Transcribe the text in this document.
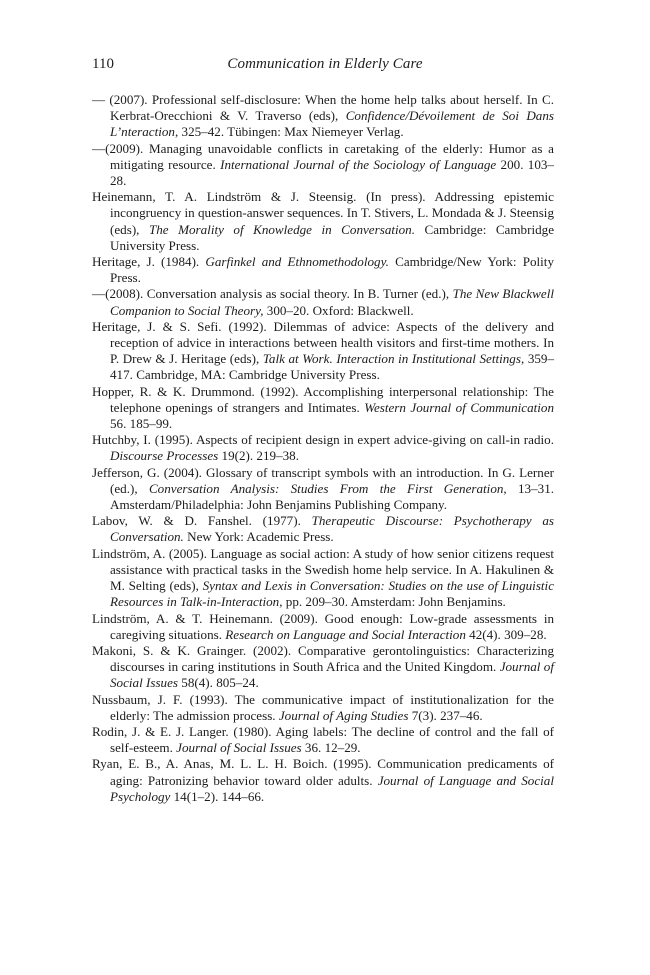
110	Communication in Elderly Care

— (2007). Professional self-disclosure: When the home help talks about herself. In C. Kerbrat-Orecchioni & V. Traverso (eds), Confidence/Dévoilement de Soi Dans L’nteraction, 325–42. Tübingen: Max Niemeyer Verlag.

—(2009). Managing unavoidable conflicts in caretaking of the elderly: Humor as a mitigating resource. International Journal of the Sociology of Language 200. 103–28.

Heinemann, T. A. Lindström & J. Steensig. (In press). Addressing epistemic incongruency in question-answer sequences. In T. Stivers, L. Mondada & J. Steensig (eds), The Morality of Knowledge in Conversation. Cambridge: Cambridge University Press.

Heritage, J. (1984). Garfinkel and Ethnomethodology. Cambridge/New York: Polity Press.

—(2008). Conversation analysis as social theory. In B. Turner (ed.), The New Blackwell Companion to Social Theory, 300–20. Oxford: Blackwell.

Heritage, J. & S. Sefi. (1992). Dilemmas of advice: Aspects of the delivery and reception of advice in interactions between health visitors and first-time mothers. In P. Drew & J. Heritage (eds), Talk at Work. Interaction in Institutional Settings, 359–417. Cambridge, MA: Cambridge University Press.

Hopper, R. & K. Drummond. (1992). Accomplishing interpersonal relationship: The telephone openings of strangers and Intimates. Western Journal of Communication 56. 185–99.

Hutchby, I. (1995). Aspects of recipient design in expert advice-giving on call-in radio. Discourse Processes 19(2). 219–38.

Jefferson, G. (2004). Glossary of transcript symbols with an introduction. In G. Lerner (ed.), Conversation Analysis: Studies From the First Generation, 13–31. Amsterdam/Philadelphia: John Benjamins Publishing Company.

Labov, W. & D. Fanshel. (1977). Therapeutic Discourse: Psychotherapy as Conversation. New York: Academic Press.

Lindström, A. (2005). Language as social action: A study of how senior citizens request assistance with practical tasks in the Swedish home help service. In A. Hakulinen & M. Selting (eds), Syntax and Lexis in Conversation: Studies on the use of Linguistic Resources in Talk-in-Interaction, pp. 209–30. Amsterdam: John Benjamins.

Lindström, A. & T. Heinemann. (2009). Good enough: Low-grade assessments in caregiving situations. Research on Language and Social Interaction 42(4). 309–28.

Makoni, S. & K. Grainger. (2002). Comparative gerontolinguistics: Characterizing discourses in caring institutions in South Africa and the United Kingdom. Journal of Social Issues 58(4). 805–24.

Nussbaum, J. F. (1993). The communicative impact of institutionalization for the elderly: The admission process. Journal of Aging Studies 7(3). 237–46.

Rodin, J. & E. J. Langer. (1980). Aging labels: The decline of control and the fall of self-esteem. Journal of Social Issues 36. 12–29.

Ryan, E. B., A. Anas, M. L. L. H. Boich. (1995). Communication predicaments of aging: Patronizing behavior toward older adults. Journal of Language and Social Psychology 14(1–2). 144–66.
